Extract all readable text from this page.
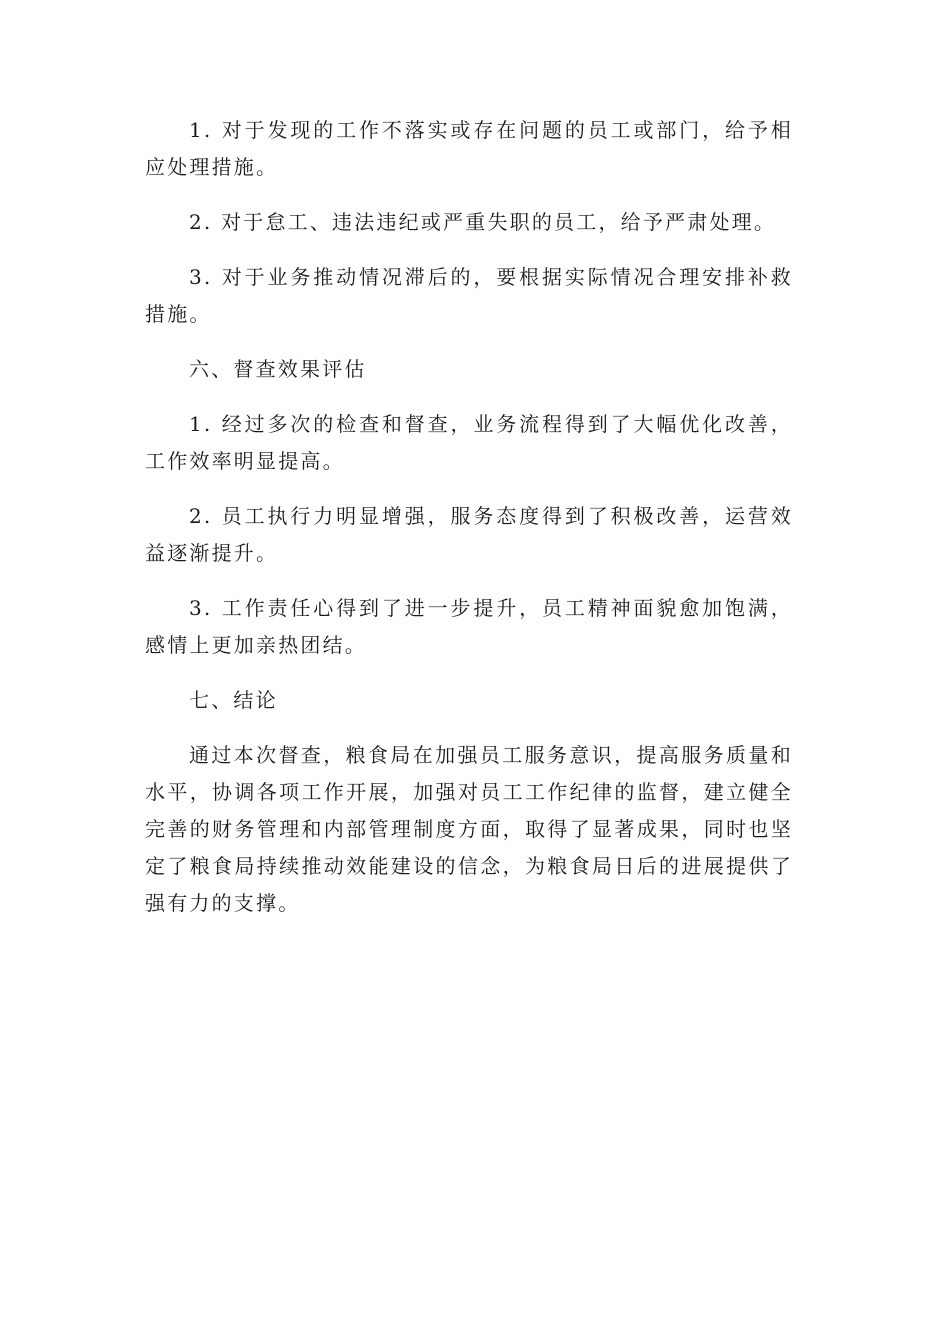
1. 对于发现的工作不落实或存在问题的员工或部门，给予相应处理措施。

2. 对于怠工、违法违纪或严重失职的员工，给予严肃处理。

3. 对于业务推动情况滞后的，要根据实际情况合理安排补救措施。

六、督查效果评估

1. 经过多次的检查和督查，业务流程得到了大幅优化改善，工作效率明显提高。

2. 员工执行力明显增强，服务态度得到了积极改善，运营效益逐渐提升。

3. 工作责任心得到了进一步提升，员工精神面貌愈加饱满，感情上更加亲热团结。

七、结论

通过本次督查，粮食局在加强员工服务意识，提高服务质量和水平，协调各项工作开展，加强对员工工作纪律的监督，建立健全完善的财务管理和内部管理制度方面，取得了显著成果，同时也坚定了粮食局持续推动效能建设的信念，为粮食局日后的进展提供了强有力的支撑。
